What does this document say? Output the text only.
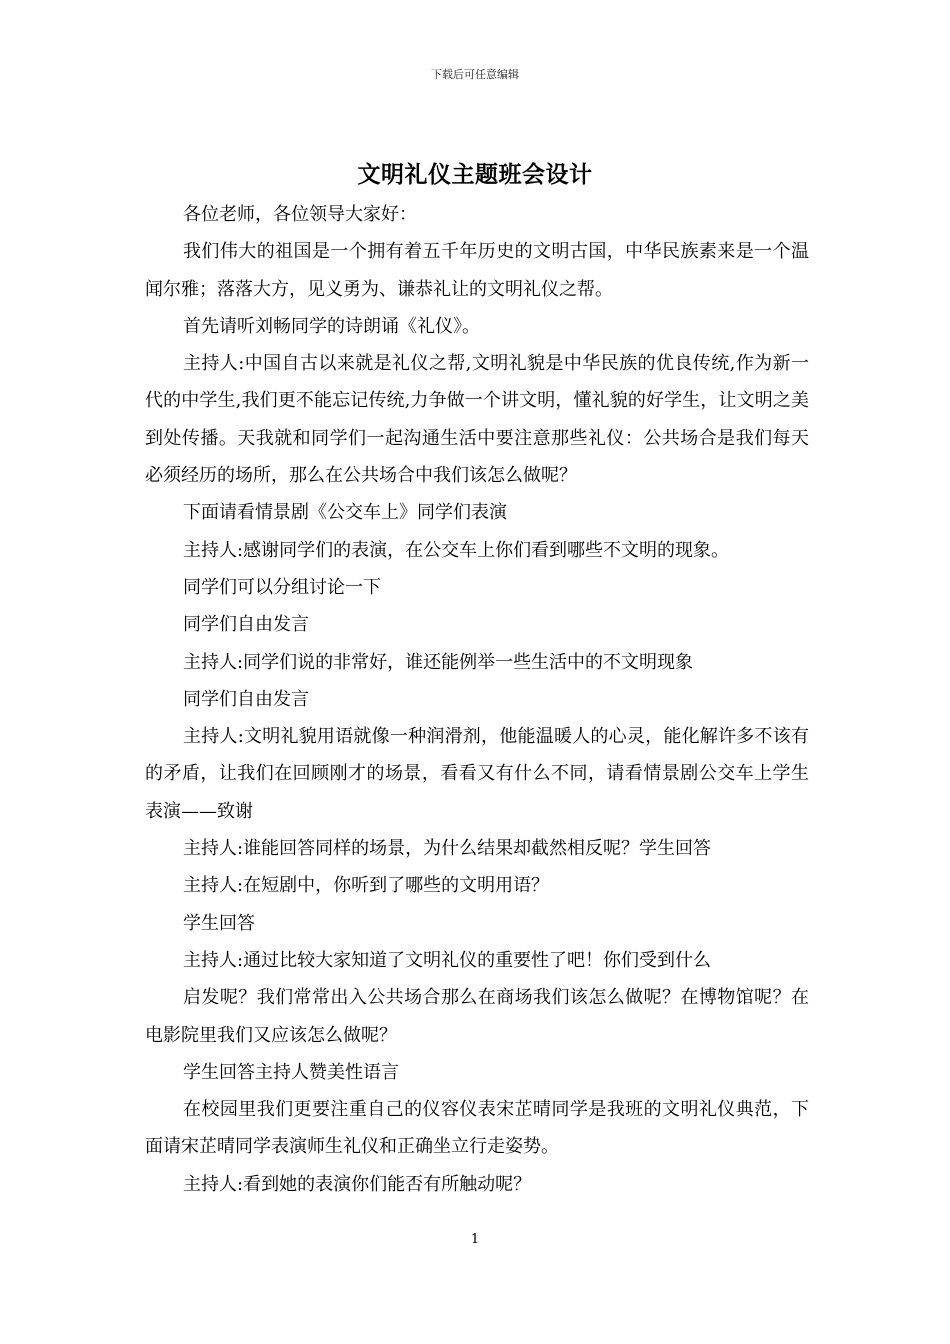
下载后可任意编辑
文明礼仪主题班会设计

各位老师，各位领导大家好：

我们伟大的祖国是一个拥有着五千年历史的文明古国，中华民族素来是一个温闻尔雅；落落大方，见义勇为、谦恭礼让的文明礼仪之帮。

首先请听刘畅同学的诗朗诵《礼仪》。

主持人:中国自古以来就是礼仪之帮,文明礼貌是中华民族的优良传统,作为新一代的中学生,我们更不能忘记传统,力争做一个讲文明，懂礼貌的好学生，让文明之美到处传播。天我就和同学们一起沟通生活中要注意那些礼仪：公共场合是我们每天必须经历的场所，那么在公共场合中我们该怎么做呢？

下面请看情景剧《公交车上》同学们表演

主持人:感谢同学们的表演，在公交车上你们看到哪些不文明的现象。

同学们可以分组讨论一下

同学们自由发言

主持人:同学们说的非常好，谁还能例举一些生活中的不文明现象

同学们自由发言

主持人:文明礼貌用语就像一种润滑剂，他能温暖人的心灵，能化解许多不该有的矛盾，让我们在回顾刚才的场景，看看又有什么不同，请看情景剧公交车上学生表演——致谢

主持人:谁能回答同样的场景，为什么结果却截然相反呢？学生回答

主持人:在短剧中，你听到了哪些的文明用语？

学生回答

主持人:通过比较大家知道了文明礼仪的重要性了吧！你们受到什么

启发呢？我们常常出入公共场合那么在商场我们该怎么做呢？在博物馆呢？在电影院里我们又应该怎么做呢？

学生回答主持人赞美性语言

在校园里我们更要注重自己的仪容仪表宋芷晴同学是我班的文明礼仪典范，下面请宋芷晴同学表演师生礼仪和正确坐立行走姿势。

主持人:看到她的表演你们能否有所触动呢？

1
